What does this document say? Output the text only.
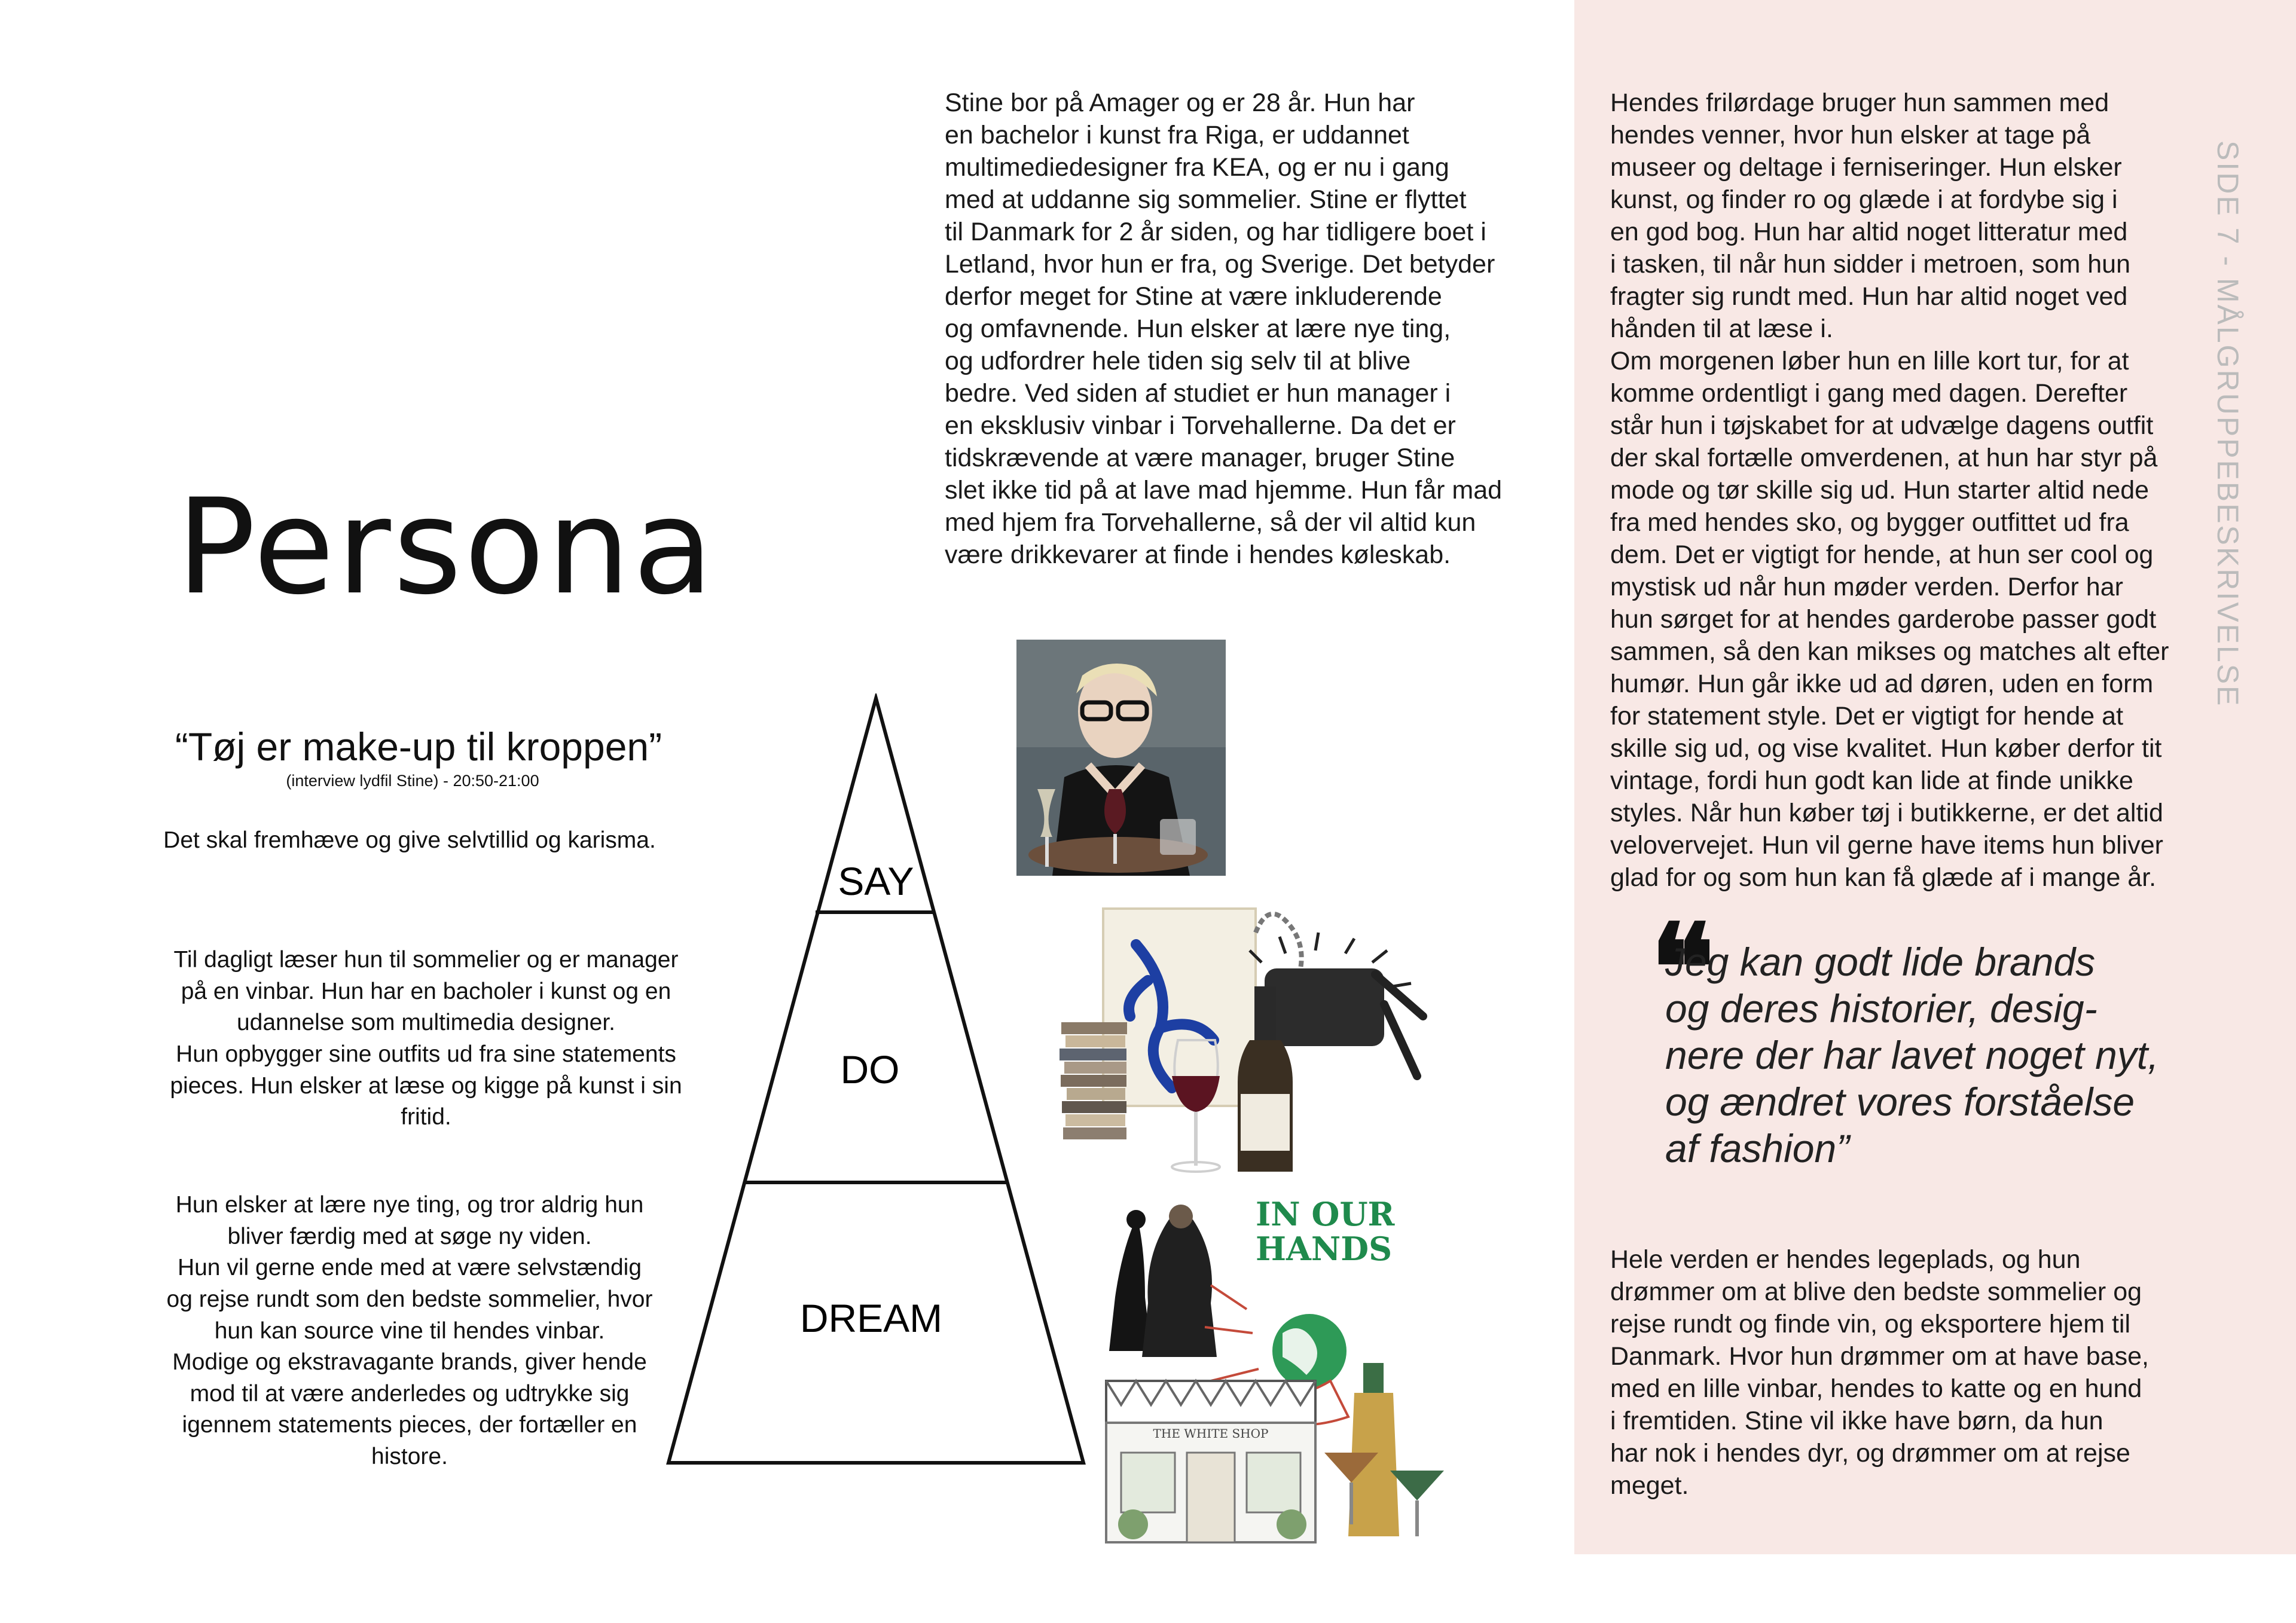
Persona
“Tøj er make-up til kroppen”
(interview lydfil Stine) - 20:50-21:00
Det skal fremhæve og give selvtillid og karisma.
Til dagligt læser hun til sommelier og er manager
på en vinbar. Hun har en bacholer i kunst og en
udannelse som multimedia designer.
Hun opbygger sine outfits ud fra sine statements
pieces. Hun elsker at læse og kigge på kunst i sin
fritid.
Hun elsker at lære nye ting, og tror aldrig hun
bliver færdig med at søge ny viden.
Hun vil gerne ende med at være selvstændig
og rejse rundt som den bedste sommelier, hvor
hun kan source vine til hendes vinbar.
Modige og ekstravagante brands, giver hende
mod til at være anderledes og udtrykke sig
igennem statements pieces, der fortæller en
histore.
SAY
DO
DREAM
IN OUR HANDS
THE WHITE SHOP
Stine bor på Amager og er 28 år. Hun har
en bachelor i kunst fra Riga, er uddannet
multimediedesigner fra KEA, og er nu i gang
med at uddanne sig sommelier. Stine er flyttet
til Danmark for 2 år siden, og har tidligere boet i
Letland, hvor hun er fra, og Sverige. Det betyder
derfor meget for Stine at være inkluderende
og omfavnende. Hun elsker at lære nye ting,
og udfordrer hele tiden sig selv til at blive
bedre. Ved siden af studiet er hun manager i
en eksklusiv vinbar i Torvehallerne. Da det er
tidskrævende at være manager, bruger Stine
slet ikke tid på at lave mad hjemme. Hun får mad
med hjem fra Torvehallerne, så der vil altid kun
være drikkevarer at finde i hendes køleskab.
Hendes frilørdage bruger hun sammen med
hendes venner, hvor hun elsker at tage på
museer og deltage i ferniseringer. Hun elsker
kunst, og finder ro og glæde i at fordybe sig i
en god bog. Hun har altid noget litteratur med
i tasken, til når hun sidder i metroen, som hun
fragter sig rundt med. Hun har altid noget ved
hånden til at læse i.
Om morgenen løber hun en lille kort tur, for at
komme ordentligt i gang med dagen. Derefter
står hun i tøjskabet for at udvælge dagens outfit
der skal fortælle omverdenen, at hun har styr på
mode og tør skille sig ud. Hun starter altid nede
fra med hendes sko, og bygger outfittet ud fra
dem. Det er vigtigt for hende, at hun ser cool og
mystisk ud når hun møder verden. Derfor har
hun sørget for at hendes garderobe passer godt
sammen, så den kan mikses og matches alt efter
humør. Hun går ikke ud ad døren, uden en form
for statement style. Det er vigtigt for hende at
skille sig ud, og vise kvalitet. Hun køber derfor tit
vintage, fordi hun godt kan lide at finde unikke
styles. Når hun køber tøj i butikkerne, er det altid
velovervejet. Hun vil gerne have items hun bliver
glad for og som hun kan få glæde af i mange år.
❝
Jeg kan godt lide brands
og deres historier, desig-
nere der har lavet noget nyt,
og ændret vores forståelse
af fashion”
Hele verden er hendes legeplads, og hun
drømmer om at blive den bedste sommelier og
rejse rundt og finde vin, og eksportere hjem til
Danmark. Hvor hun drømmer om at have base,
med en lille vinbar, hendes to katte og en hund
i fremtiden. Stine vil ikke have børn, da hun
har nok i hendes dyr, og drømmer om at rejse
meget.
SIDE 7 - MÅLGRUPPEBESKRIVELSE
